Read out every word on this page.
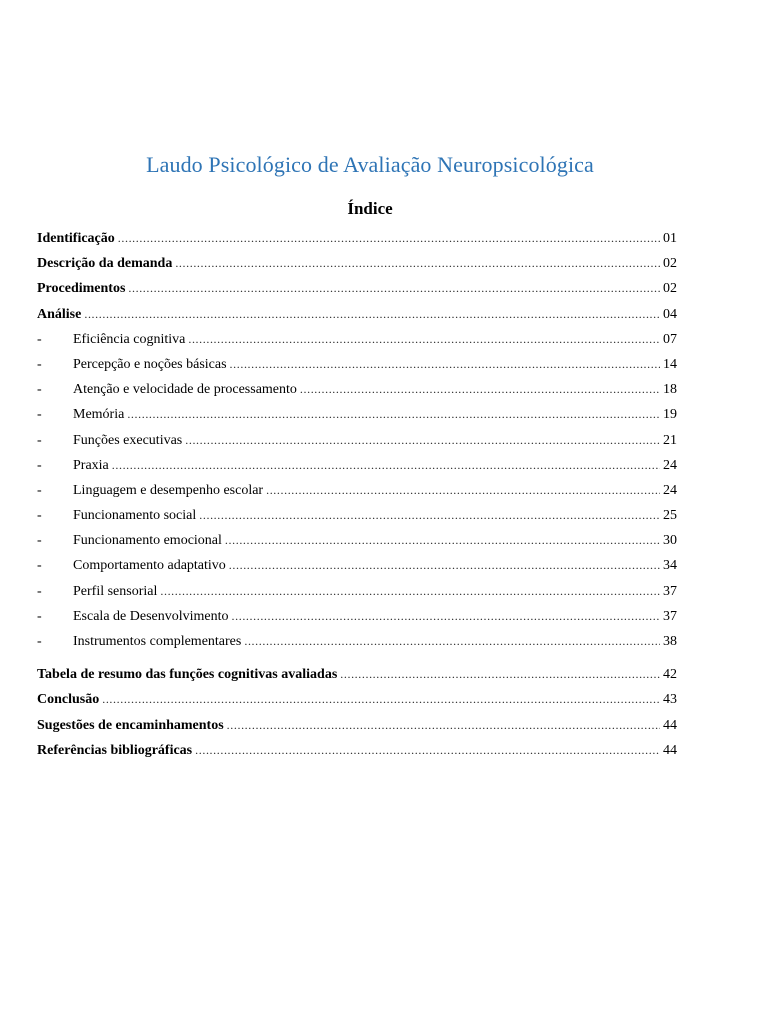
Laudo Psicológico de Avaliação Neuropsicológica
Índice
Identificação .....	01
Descrição da demanda .....	02
Procedimentos .....	02
Análise .....	04
-	Eficiência cognitiva .....	07
-	Percepção e noções básicas .....	14
-	Atenção e velocidade de processamento .....	18
-	Memória .....	19
-	Funções executivas .....	21
-	Praxia .....	24
-	Linguagem e desempenho escolar .....	24
-	Funcionamento social .....	25
-	Funcionamento emocional .....	30
-	Comportamento adaptativo .....	34
-	Perfil sensorial .....	37
-	Escala de Desenvolvimento .....	37
-	Instrumentos complementares .....	38
Tabela de resumo das funções cognitivas avaliadas .....	42
Conclusão .....	43
Sugestões de encaminhamentos .....	44
Referências bibliográficas .....	44
